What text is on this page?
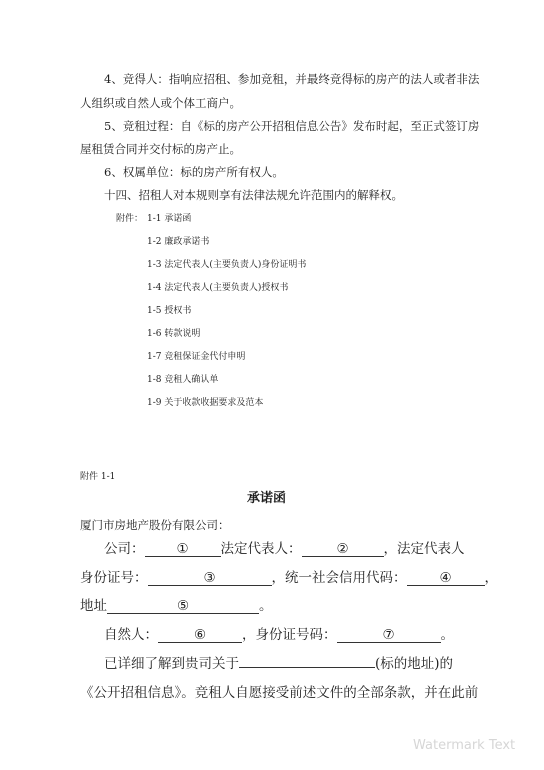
4、竞得人：指响应招租、参加竞租，并最终竞得标的房产的法人或者非法
人组织或自然人或个体工商户。
5、竞租过程：自《标的房产公开招租信息公告》发布时起，至正式签订房
屋租赁合同并交付标的房产止。
6、权属单位：标的房产所有权人。
十四、招租人对本规则享有法律法规允许范围内的解释权。
附件： 1-1 承诺函
1-2 廉政承诺书
1-3 法定代表人(主要负责人)身份证明书
1-4 法定代表人(主要负责人)授权书
1-5 授权书
1-6 转款说明
1-7 竞租保证金代付申明
1-8 竞租人确认单
1-9 关于收款收据要求及范本
附件 1-1
承诺函
厦门市房地产股份有限公司：
公司： ① 法定代表人：	②	，法定代表人
身份证号：	③	，统一社会信用代码： ④ ，
地址	⑤	。
自然人：	⑥	，身份证号码：	⑦	。
已详细了解到贵司关于	(标的地址)的
《公开招租信息》。竞租人自愿接受前述文件的全部条款，并在此前
Watermark Text
